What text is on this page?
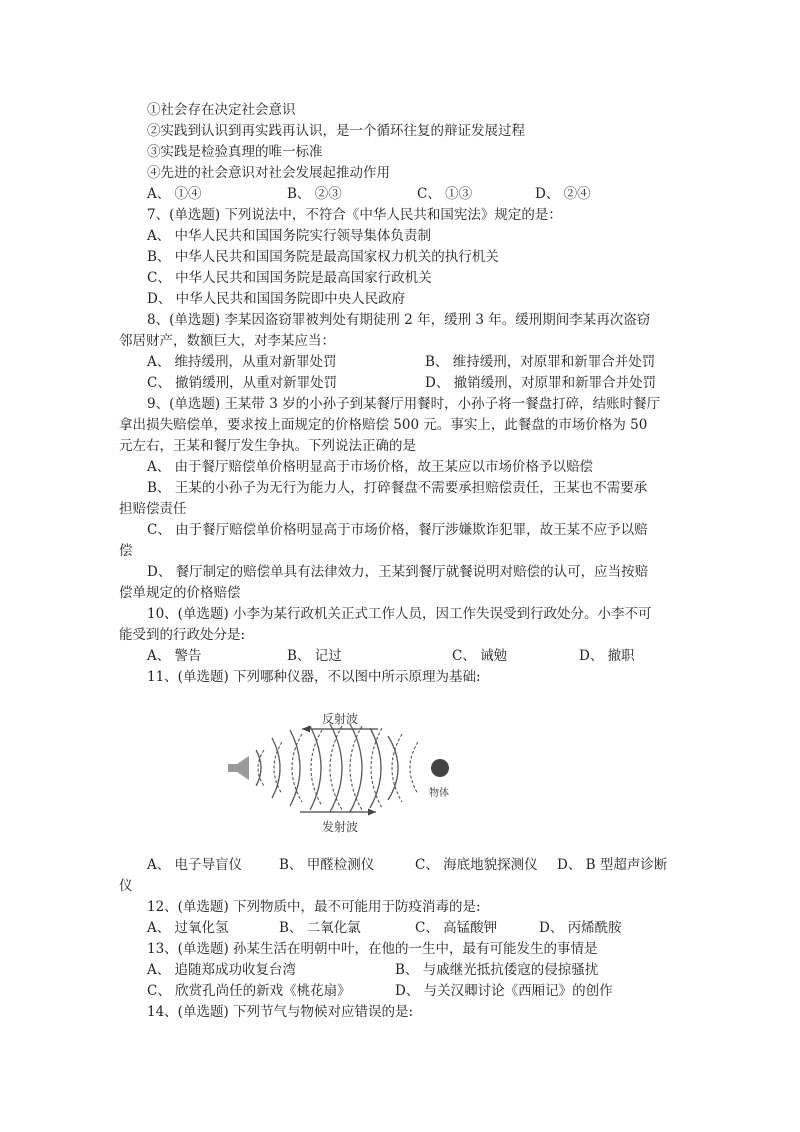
①社会存在决定社会意识
②实践到认识到再实践再认识，是一个循环往复的辩证发展过程
③实践是检验真理的唯一标准
④先进的社会意识对社会发展起推动作用
A、 ①④	B、 ②③	C、 ①③	D、 ②④
7、(单选题) 下列说法中，不符合《中华人民共和国宪法》规定的是：
A、 中华人民共和国国务院实行领导集体负责制
B、 中华人民共和国国务院是最高国家权力机关的执行机关
C、 中华人民共和国国务院是最高国家行政机关
D、 中华人民共和国国务院即中央人民政府
8、(单选题) 李某因盗窃罪被判处有期徒刑 2 年，缓刑 3 年。缓刑期间李某再次盗窃
邻居财产，数额巨大，对李某应当：
A、 维持缓刑，从重对新罪处罚	B、 维持缓刑，对原罪和新罪合并处罚
C、 撤销缓刑，从重对新罪处罚	D、 撤销缓刑，对原罪和新罪合并处罚
9、(单选题) 王某带 3 岁的小孙子到某餐厅用餐时，小孙子将一餐盘打碎，结账时餐厅
拿出损失赔偿单，要求按上面规定的价格赔偿 500 元。事实上，此餐盘的市场价格为 50
元左右，王某和餐厅发生争执。下列说法正确的是
A、 由于餐厅赔偿单价格明显高于市场价格，故王某应以市场价格予以赔偿
B、 王某的小孙子为无行为能力人，打碎餐盘不需要承担赔偿责任，王某也不需要承
担赔偿责任
C、 由于餐厅赔偿单价格明显高于市场价格，餐厅涉嫌欺诈犯罪，故王某不应予以赔
偿
D、 餐厅制定的赔偿单具有法律效力，王某到餐厅就餐说明对赔偿的认可，应当按赔
偿单规定的价格赔偿
10、(单选题) 小李为某行政机关正式工作人员，因工作失误受到行政处分。小李不可
能受到的行政处分是:
A、 警告	B、 记过	C、 诫勉	D、 撤职
11、(单选题) 下列哪种仪器，不以图中所示原理为基础:
反射波
物体
发射波
A、 电子导盲仪	B、 甲醛检测仪	C、 海底地貌探测仪 D、 B 型超声诊断
仪
12、(单选题) 下列物质中，最不可能用于防疫消毒的是:
A、 过氧化氢	B、 二氧化氯	C、 高锰酸钾	D、 丙烯酰胺
13、(单选题) 孙某生活在明朝中叶，在他的一生中，最有可能发生的事情是
A、 追随郑成功收复台湾	B、 与戚继光抵抗倭寇的侵掠骚扰
C、 欣赏孔尚任的新戏《桃花扇》	D、 与关汉卿讨论《西厢记》的创作
14、(单选题) 下列节气与物候对应错误的是:
